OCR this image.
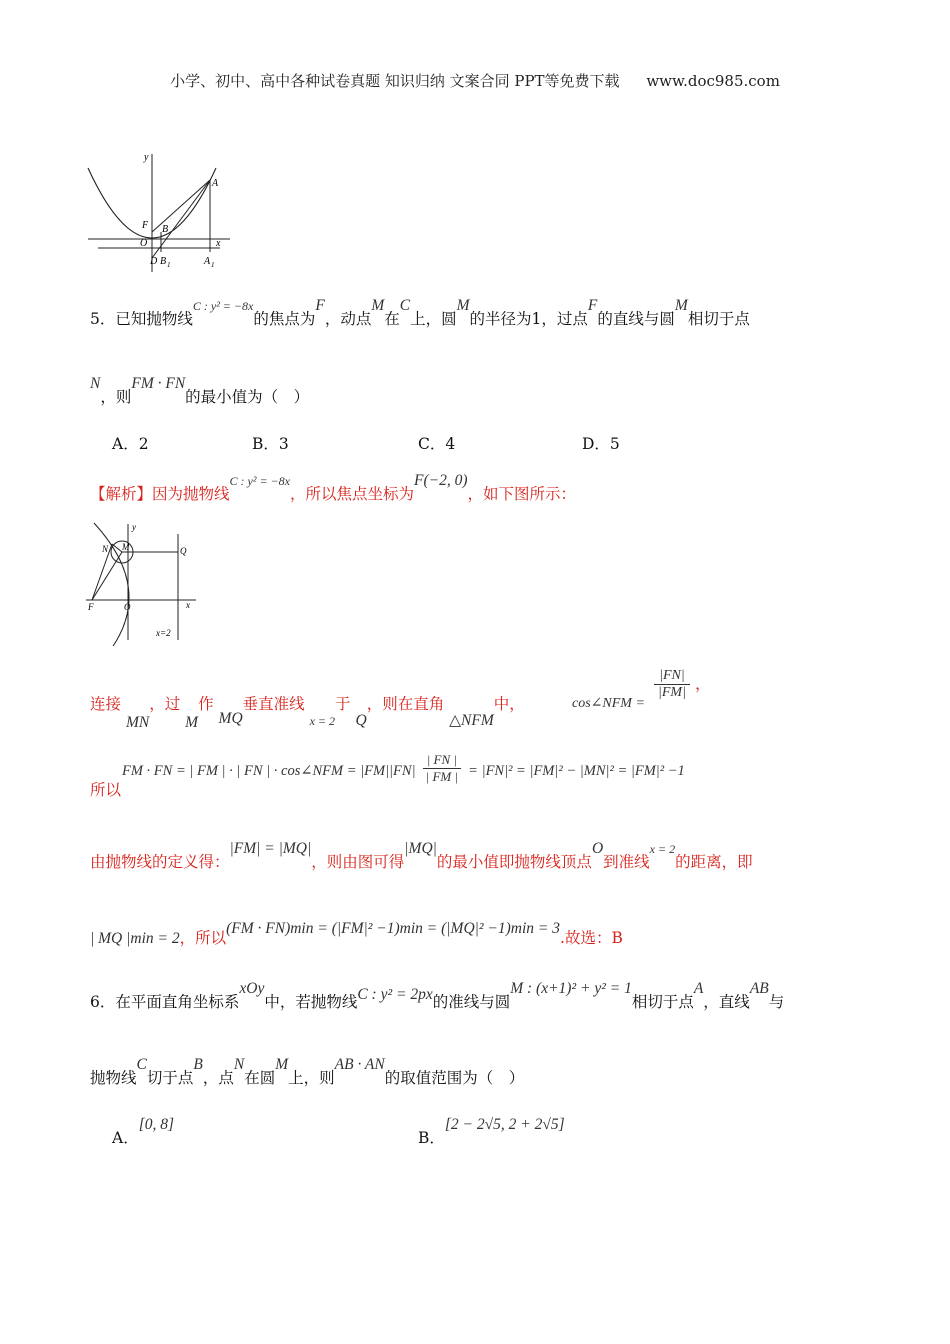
小学、初中、高中各种试卷真题 知识归纳 文案合同 PPT等免费下载 www.doc985.com
y
x
A
F B
O
D B 1	A 1
5．已知抛物线$^{C : y^2 = -8x}$的焦点为F，动点M在C上，圆M的半径为1，过点F的直线与圆M相切于点
N，则FM · FN的最小值为（　）
A．2	B．3	C．4	D．5
【解析】因为抛物线$^{C : y^2 = -8x}$，所以焦点坐标为F(−2, 0)，如下图所示：
y
N M	Q
F	O	x
x=2
连接 MN，过 M作 MQ垂直准线 $_{x = 2}$于 Q，则在直角 △NFM中，	cos∠NFM =
$\frac{|FN|}{|FM|}$ ，
所以
FM · FN = | FM | · | FN | · cos∠NFM = $|FM||FN| \frac{| FN |}{| FM |} = |FN|^2 = |FM|^2 - |MN|^2 = |FM|^2 -1$
由抛物线的定义得：|FM| = |MQ|，则由图可得|MQ|的最小值即抛物线顶点O到准线$^{x = 2}$的距离，即
| MQ |min = 2，所以(FM · FN)min = (|FM|² −1)min = (|MQ|² −1)min = 3.故选：B
6．在平面直角坐标系xOy中，若抛物线C : y² = 2px的准线与圆M : (x+1)² + y² = 1相切于点A，直线AB与
抛物线C切于点B，点N在圆M上，则AB · AN的取值范围为（　）
A．[0, 8]
B．[2 − 2√5, 2 + 2√5]
